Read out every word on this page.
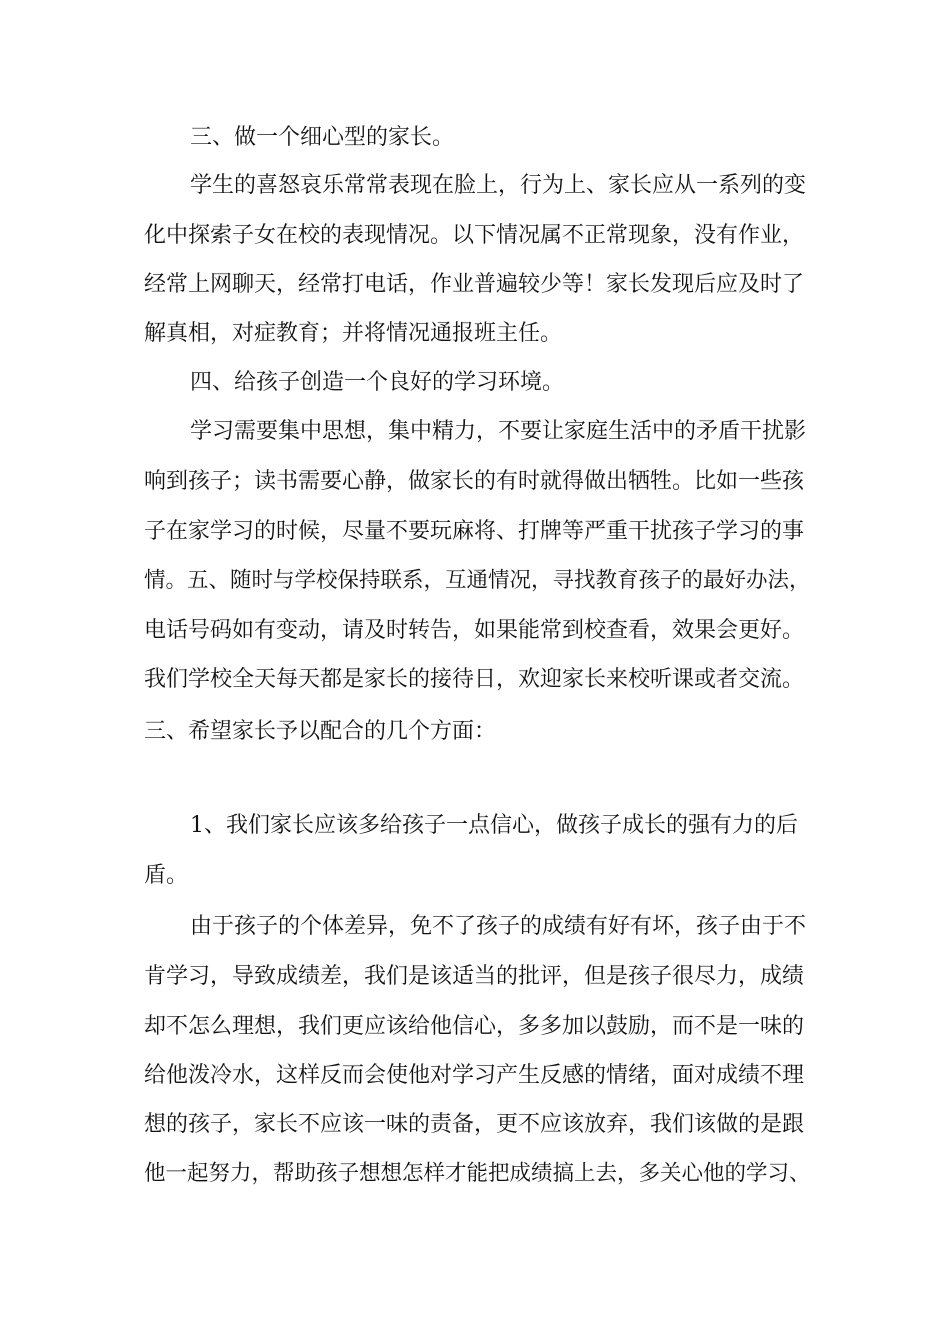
三、做一个细心型的家长。
学生的喜怒哀乐常常表现在脸上，行为上、家长应从一系列的变
化中探索子女在校的表现情况。以下情况属不正常现象，没有作业，
经常上网聊天，经常打电话，作业普遍较少等！家长发现后应及时了
解真相，对症教育；并将情况通报班主任。
四、给孩子创造一个良好的学习环境。
学习需要集中思想，集中精力，不要让家庭生活中的矛盾干扰影
响到孩子；读书需要心静，做家长的有时就得做出牺牲。比如一些孩
子在家学习的时候，尽量不要玩麻将、打牌等严重干扰孩子学习的事
情。五、随时与学校保持联系，互通情况，寻找教育孩子的最好办法，
电话号码如有变动，请及时转告，如果能常到校查看，效果会更好。
我们学校全天每天都是家长的接待日，欢迎家长来校听课或者交流。
三、希望家长予以配合的几个方面：
1、我们家长应该多给孩子一点信心，做孩子成长的强有力的后
盾。
由于孩子的个体差异，免不了孩子的成绩有好有坏，孩子由于不
肯学习，导致成绩差，我们是该适当的批评，但是孩子很尽力，成绩
却不怎么理想，我们更应该给他信心，多多加以鼓励，而不是一味的
给他泼冷水，这样反而会使他对学习产生反感的情绪，面对成绩不理
想的孩子，家长不应该一味的责备，更不应该放弃，我们该做的是跟
他一起努力，帮助孩子想想怎样才能把成绩搞上去，多关心他的学习、
